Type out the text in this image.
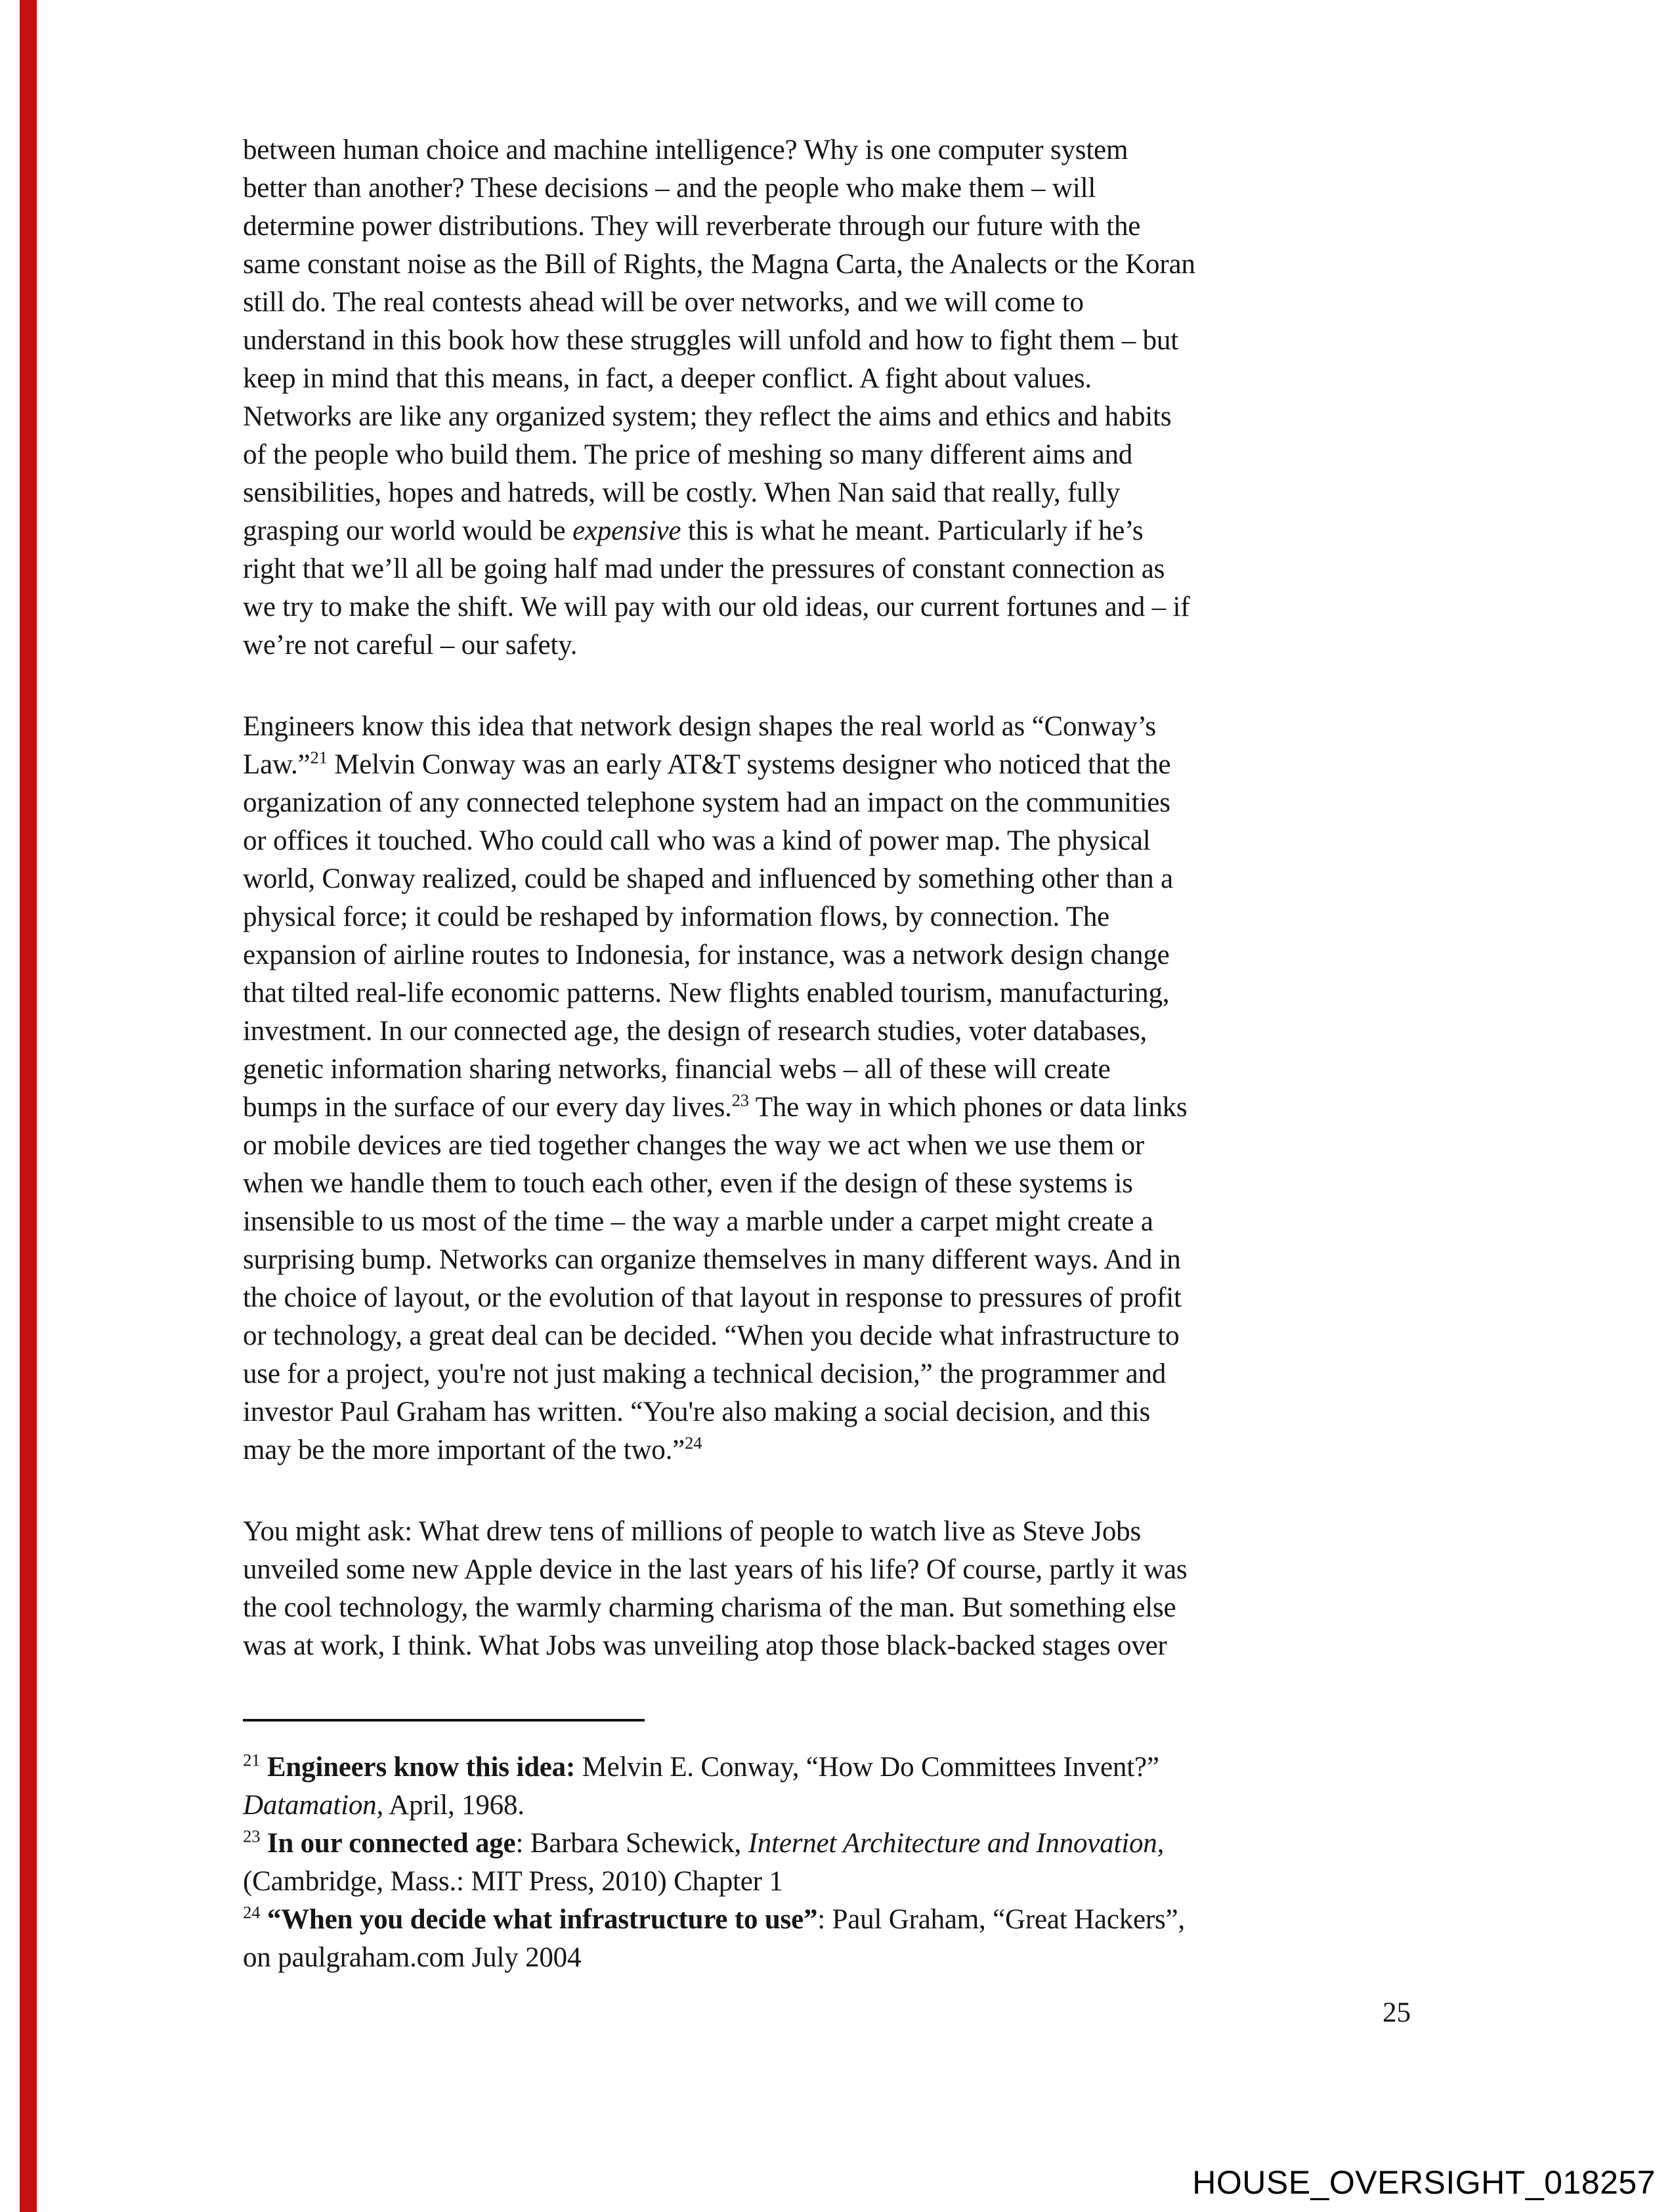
between human choice and machine intelligence? Why is one computer system
better than another? These decisions – and the people who make them – will
determine power distributions. They will reverberate through our future with the
same constant noise as the Bill of Rights, the Magna Carta, the Analects or the Koran
still do. The real contests ahead will be over networks, and we will come to
understand in this book how these struggles will unfold and how to fight them – but
keep in mind that this means, in fact, a deeper conflict. A fight about values.
Networks are like any organized system; they reflect the aims and ethics and habits
of the people who build them. The price of meshing so many different aims and
sensibilities, hopes and hatreds, will be costly. When Nan said that really, fully
grasping our world would be expensive this is what he meant. Particularly if he’s
right that we’ll all be going half mad under the pressures of constant connection as
we try to make the shift. We will pay with our old ideas, our current fortunes and – if
we’re not careful – our safety.
Engineers know this idea that network design shapes the real world as “Conway’s
Law.”$^{21}$ Melvin Conway was an early AT&T systems designer who noticed that the
organization of any connected telephone system had an impact on the communities
or offices it touched. Who could call who was a kind of power map. The physical
world, Conway realized, could be shaped and influenced by something other than a
physical force; it could be reshaped by information flows, by connection. The
expansion of airline routes to Indonesia, for instance, was a network design change
that tilted real-life economic patterns. New flights enabled tourism, manufacturing,
investment. In our connected age, the design of research studies, voter databases,
genetic information sharing networks, financial webs – all of these will create
bumps in the surface of our every day lives.$^{23}$ The way in which phones or data links
or mobile devices are tied together changes the way we act when we use them or
when we handle them to touch each other, even if the design of these systems is
insensible to us most of the time – the way a marble under a carpet might create a
surprising bump. Networks can organize themselves in many different ways. And in
the choice of layout, or the evolution of that layout in response to pressures of profit
or technology, a great deal can be decided. “When you decide what infrastructure to
use for a project, you're not just making a technical decision,” the programmer and
investor Paul Graham has written. “You're also making a social decision, and this
may be the more important of the two.”$^{24}$
You might ask: What drew tens of millions of people to watch live as Steve Jobs
unveiled some new Apple device in the last years of his life? Of course, partly it was
the cool technology, the warmly charming charisma of the man. But something else
was at work, I think. What Jobs was unveiling atop those black-backed stages over
$^{21}$ Engineers know this idea: Melvin E. Conway, “How Do Committees Invent?”
Datamation, April, 1968.
$^{23}$ In our connected age: Barbara Schewick, Internet Architecture and Innovation,
(Cambridge, Mass.: MIT Press, 2010) Chapter 1
$^{24}$ “When you decide what infrastructure to use”: Paul Graham, “Great Hackers”,
on paulgraham.com July 2004
25
HOUSE_OVERSIGHT_018257
